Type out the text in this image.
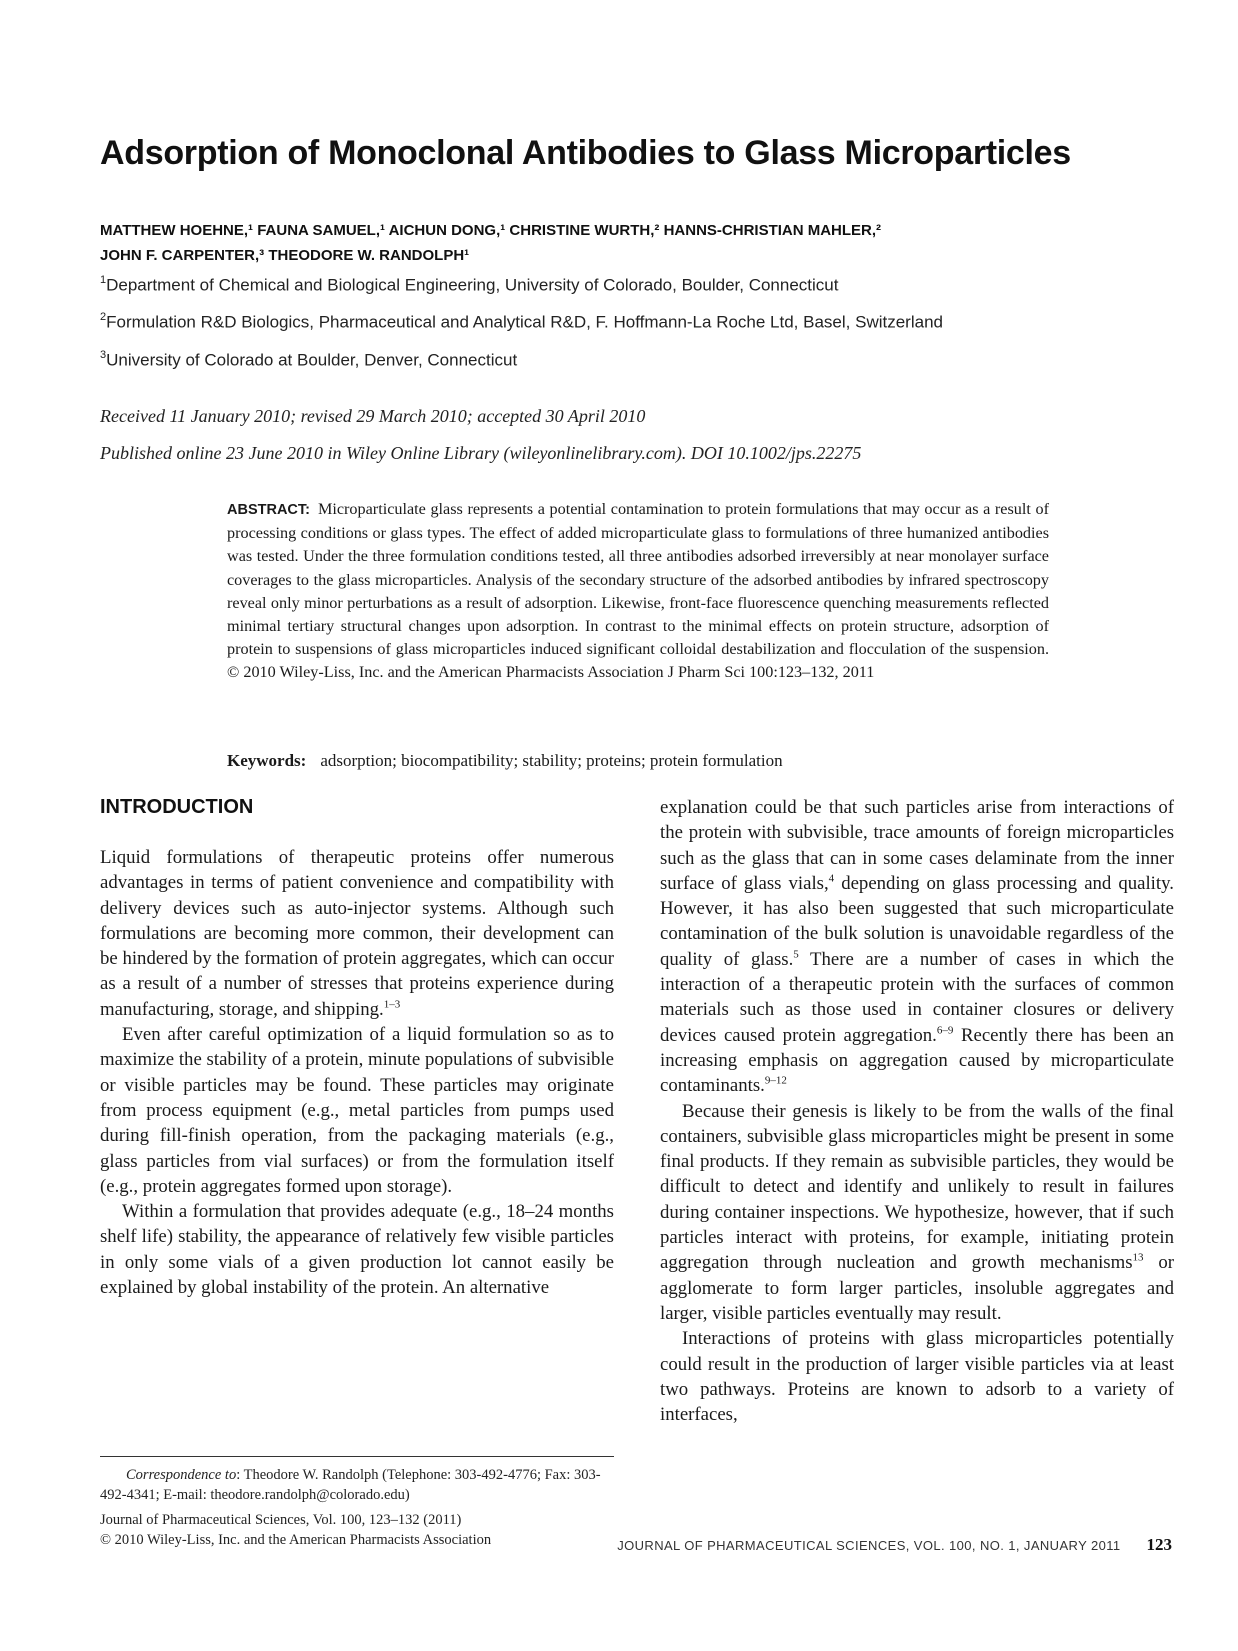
Adsorption of Monoclonal Antibodies to Glass Microparticles
MATTHEW HOEHNE,¹ FAUNA SAMUEL,¹ AICHUN DONG,¹ CHRISTINE WURTH,² HANNS-CHRISTIAN MAHLER,²
JOHN F. CARPENTER,³ THEODORE W. RANDOLPH¹

$^1$Department of Chemical and Biological Engineering, University of Colorado, Boulder, Connecticut

$^2$Formulation R&D Biologics, Pharmaceutical and Analytical R&D, F. Hoffmann-La Roche Ltd, Basel, Switzerland

$^3$University of Colorado at Boulder, Denver, Connecticut

Received 11 January 2010; revised 29 March 2010; accepted 30 April 2010

Published online 23 June 2010 in Wiley Online Library (wileyonlinelibrary.com). DOI 10.1002/jps.22275

ABSTRACT: Microparticulate glass represents a potential contamination to protein formulations that may occur as a result of processing conditions or glass types. The effect of added microparticulate glass to formulations of three humanized antibodies was tested. Under the three formulation conditions tested, all three antibodies adsorbed irreversibly at near monolayer surface coverages to the glass microparticles. Analysis of the secondary structure of the adsorbed antibodies by infrared spectroscopy reveal only minor perturbations as a result of adsorption. Likewise, front-face fluorescence quenching measurements reflected minimal tertiary structural changes upon adsorption. In contrast to the minimal effects on protein structure, adsorption of protein to suspensions of glass microparticles induced significant colloidal destabilization and flocculation of the suspension. © 2010 Wiley-Liss, Inc. and the American Pharmacists Association J Pharm Sci 100:123–132, 2011

Keywords: adsorption; biocompatibility; stability; proteins; protein formulation

INTRODUCTION

Liquid formulations of therapeutic proteins offer numerous advantages in terms of patient convenience and compatibility with delivery devices such as auto-injector systems. Although such formulations are becoming more common, their development can be hindered by the formation of protein aggregates, which can occur as a result of a number of stresses that proteins experience during manufacturing, storage, and shipping.$^{1-3}$

Even after careful optimization of a liquid formulation so as to maximize the stability of a protein, minute populations of subvisible or visible particles may be found. These particles may originate from process equipment (e.g., metal particles from pumps used during fill-finish operation, from the packaging materials (e.g., glass particles from vial surfaces) or from the formulation itself (e.g., protein aggregates formed upon storage).

Within a formulation that provides adequate (e.g., 18–24 months shelf life) stability, the appearance of relatively few visible particles in only some vials of a given production lot cannot easily be explained by global instability of the protein. An alternative

explanation could be that such particles arise from interactions of the protein with subvisible, trace amounts of foreign microparticles such as the glass that can in some cases delaminate from the inner surface of glass vials,$^4$ depending on glass processing and quality. However, it has also been suggested that such microparticulate contamination of the bulk solution is unavoidable regardless of the quality of glass.$^5$ There are a number of cases in which the interaction of a therapeutic protein with the surfaces of common materials such as those used in container closures or delivery devices caused protein aggregation.$^{6-9}$ Recently there has been an increasing emphasis on aggregation caused by microparticulate contaminants.$^{9-12}$

Because their genesis is likely to be from the walls of the final containers, subvisible glass microparticles might be present in some final products. If they remain as subvisible particles, they would be difficult to detect and identify and unlikely to result in failures during container inspections. We hypothesize, however, that if such particles interact with proteins, for example, initiating protein aggregation through nucleation and growth mechanisms$^{13}$ or agglomerate to form larger particles, insoluble aggregates and larger, visible particles eventually may result.

Interactions of proteins with glass microparticles potentially could result in the production of larger visible particles via at least two pathways. Proteins are known to adsorb to a variety of interfaces,

Correspondence to: Theodore W. Randolph (Telephone: 303-492-4776; Fax: 303-492-4341; E-mail: theodore.randolph@colorado.edu)

Journal of Pharmaceutical Sciences, Vol. 100, 123–132 (2011)

© 2010 Wiley-Liss, Inc. and the American Pharmacists Association	JOURNAL OF PHARMACEUTICAL SCIENCES, VOL. 100, NO. 1, JANUARY 2011 123
